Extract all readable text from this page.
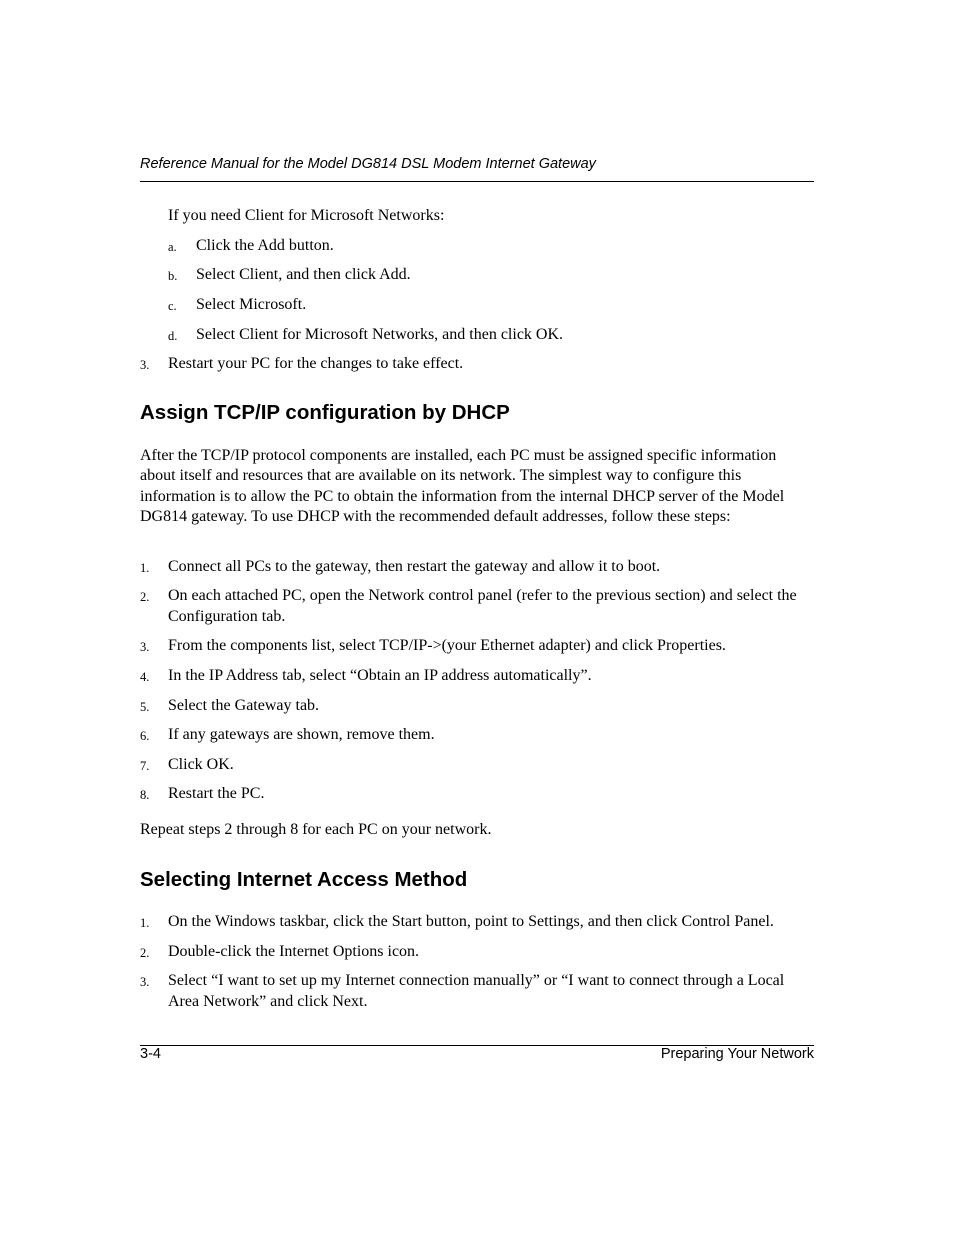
Reference Manual for the Model DG814 DSL Modem Internet Gateway
If you need Client for Microsoft Networks:
a. Click the Add button.
b. Select Client, and then click Add.
c. Select Microsoft.
d. Select Client for Microsoft Networks, and then click OK.
3. Restart your PC for the changes to take effect.
Assign TCP/IP configuration by DHCP
After the TCP/IP protocol components are installed, each PC must be assigned specific information about itself and resources that are available on its network. The simplest way to configure this information is to allow the PC to obtain the information from the internal DHCP server of the Model DG814 gateway. To use DHCP with the recommended default addresses, follow these steps:
1. Connect all PCs to the gateway, then restart the gateway and allow it to boot.
2. On each attached PC, open the Network control panel (refer to the previous section) and select the Configuration tab.
3. From the components list, select TCP/IP->(your Ethernet adapter) and click Properties.
4. In the IP Address tab, select “Obtain an IP address automatically”.
5. Select the Gateway tab.
6. If any gateways are shown, remove them.
7. Click OK.
8. Restart the PC.
Repeat steps 2 through 8 for each PC on your network.
Selecting Internet Access Method
1. On the Windows taskbar, click the Start button, point to Settings, and then click Control Panel.
2. Double-click the Internet Options icon.
3. Select “I want to set up my Internet connection manually” or “I want to connect through a Local Area Network” and click Next.
3-4	Preparing Your Network
